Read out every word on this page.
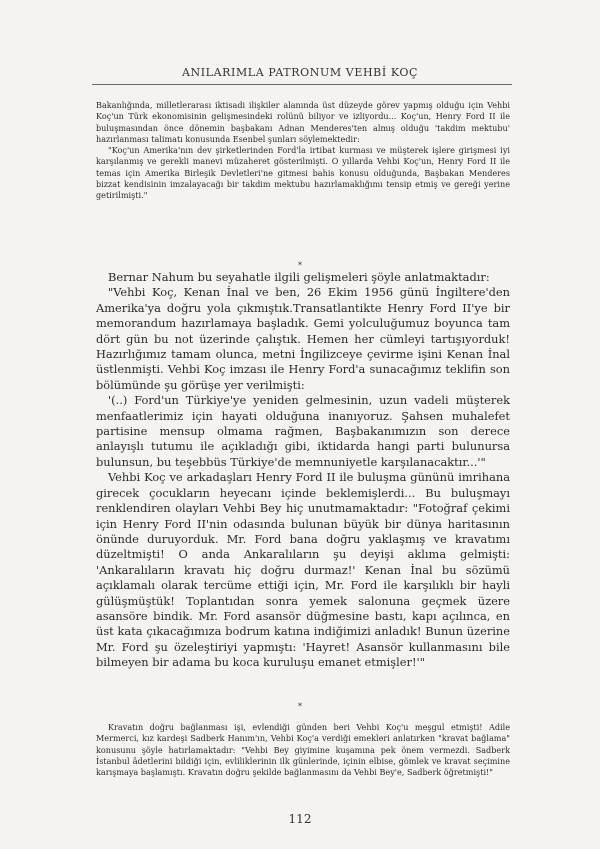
ANILARIMLA PATRONUM VEHBİ KOÇ

Bakanlığında, milletlerarası iktisadi ilişkiler alanında üst düzeyde görev yapmış olduğu için Vehbi Koç'un Türk ekonomisinin gelişmesindeki rolünü biliyor ve izliyordu... Koç'un, Henry Ford II ile buluşmasından önce dönemin başbakanı Adnan Menderes'ten almış olduğu 'takdim mektubu' hazırlanması talimatı konusunda Esenbel şunları söylemektedir:

"Koç'un Amerika'nın dev şirketlerinden Ford'la irtibat kurması ve müşterek işlere girişmesi iyi karşılanmış ve gerekli manevi müzaheret gösterilmişti. O yıllarda Vehbi Koç'un, Henry Ford II ile temas için Amerika Birleşik Devletleri'ne gitmesi bahis konusu olduğunda, Başbakan Menderes bizzat kendisinin imzalayacağı bir takdim mektubu hazırlamaklığımı tensip etmiş ve gereği yerine getirilmişti."

*

Bernar Nahum bu seyahatle ilgili gelişmeleri şöyle anlatmaktadır:

"Vehbi Koç, Kenan İnal ve ben, 26 Ekim 1956 günü İngiltere'den Amerika'ya doğru yola çıkmıştık.Transatlantikte Henry Ford II'ye bir memorandum hazırlamaya başladık. Gemi yolculuğumuz boyunca tam dört gün bu not üzerinde çalıştık. Hemen her cümleyi tartışıyorduk! Hazırlığımız tamam olunca, metni İngilizceye çevirme işini Kenan İnal üstlenmişti. Vehbi Koç imzası ile Henry Ford'a sunacağımız teklifin son bölümünde şu görüşe yer verilmişti:

'(..) Ford'un Türkiye'ye yeniden gelmesinin, uzun vadeli müşterek menfaatlerimiz için hayati olduğuna inanıyoruz. Şahsen muhalefet partisine mensup olmama rağmen, Başbakanımızın son derece anlayışlı tutumu ile açıkladığı gibi, iktidarda hangi parti bulunursa bulunsun, bu teşebbüs Türkiye'de memnuniyetle karşılanacaktır...'"

Vehbi Koç ve arkadaşları Henry Ford II ile buluşma gününü imrihana girecek çocukların heyecanı içinde beklemişlerdi... Bu buluşmayı renklendiren olayları Vehbi Bey hiç unutmamaktadır: "Fotoğraf çekimi için Henry Ford II'nin odasında bulunan büyük bir dünya haritasının önünde duruyorduk. Mr. Ford bana doğru yaklaşmış ve kravatımı düzeltmişti! O anda Ankaralıların şu deyişi aklıma gelmişti: 'Ankaralıların kravatı hiç doğru durmaz!' Kenan İnal bu sözümü açıklamalı olarak tercüme ettiği için, Mr. Ford ile karşılıklı bir hayli gülüşmüştük! Toplantıdan sonra yemek salonuna geçmek üzere asansöre bindik. Mr. Ford asansör düğmesine bastı, kapı açılınca, en üst kata çıkacağımıza bodrum katına indiğimizi anladık! Bunun üzerine Mr. Ford şu özeleştiriyi yapmıştı: 'Hayret! Asansör kullanmasını bile bilmeyen bir adama bu koca kuruluşu emanet etmişler!'"

*

Kravatın doğru bağlanması işi, evlendiği günden beri Vehbi Koç'u meşgul etmişti! Adile Mermerci, kız kardeşi Sadberk Hanım'ın, Vehbi Koç'a verdiği emekleri anlatırken "kravat bağlama" konusunu şöyle hatırlamaktadır: "Vehbi Bey giyimine kuşamına pek önem vermezdi. Sadberk İstanbul âdetlerini bildiği için, evliliklerinin ilk günlerinde, içinin elbise, gömlek ve kravat seçimine karışmaya başlamıştı. Kravatın doğru şekilde bağlanmasını da Vehbi Bey'e, Sadberk öğretmişti!"

112
